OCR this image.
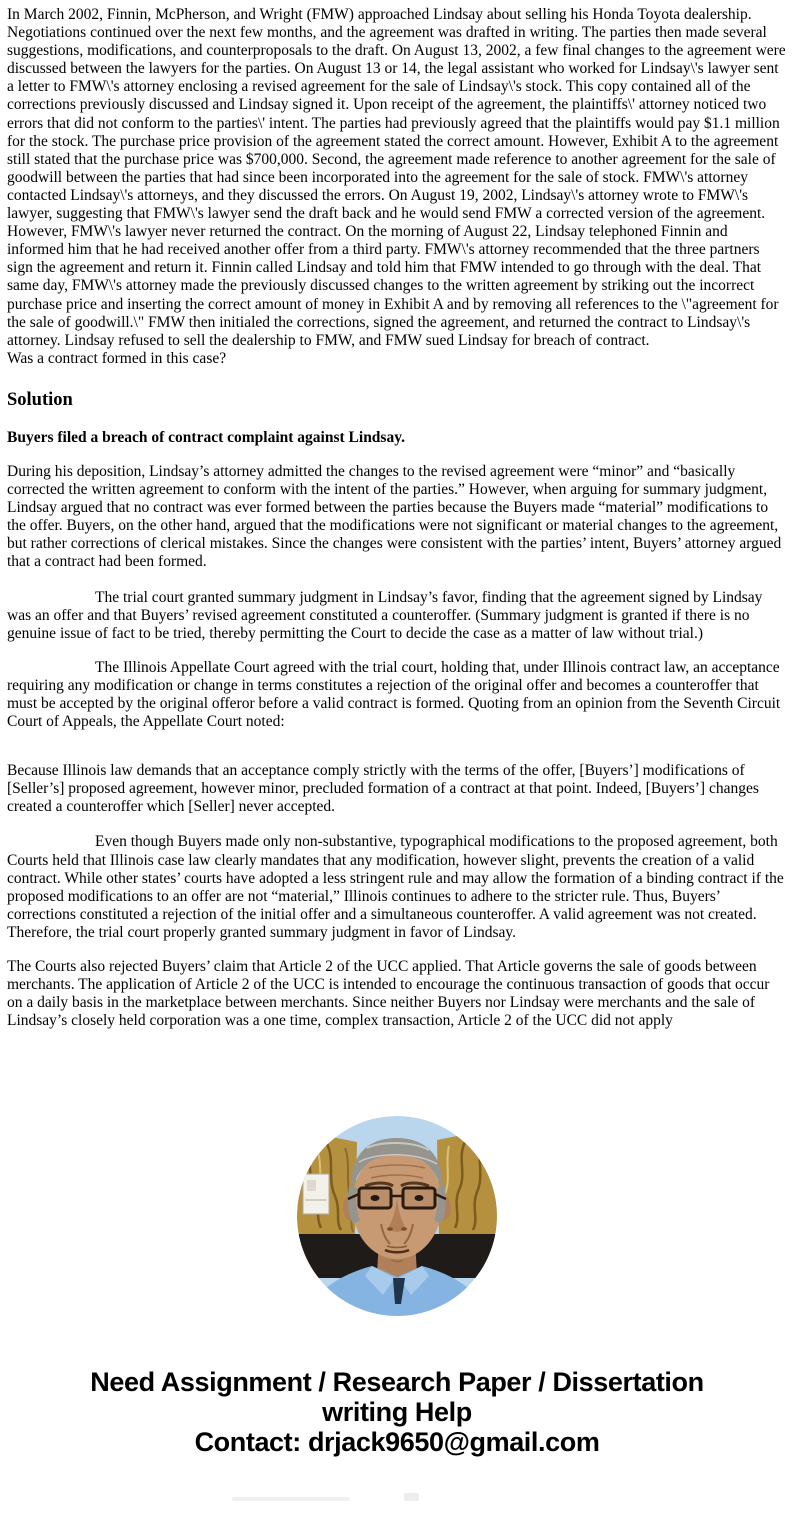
In March 2002, Finnin, McPherson, and Wright (FMW) approached Lindsay about selling his Honda Toyota dealership. Negotiations continued over the next few months, and the agreement was drafted in writing. The parties then made several suggestions, modifications, and counterproposals to the draft. On August 13, 2002, a few final changes to the agreement were discussed between the lawyers for the parties. On August 13 or 14, the legal assistant who worked for Lindsay\'s lawyer sent a letter to FMW\'s attorney enclosing a revised agreement for the sale of Lindsay\'s stock. This copy contained all of the corrections previously discussed and Lindsay signed it. Upon receipt of the agreement, the plaintiffs\' attorney noticed two errors that did not conform to the parties\' intent. The parties had previously agreed that the plaintiffs would pay $1.1 million for the stock. The purchase price provision of the agreement stated the correct amount. However, Exhibit A to the agreement still stated that the purchase price was $700,000. Second, the agreement made reference to another agreement for the sale of goodwill between the parties that had since been incorporated into the agreement for the sale of stock. FMW\'s attorney contacted Lindsay\'s attorneys, and they discussed the errors. On August 19, 2002, Lindsay\'s attorney wrote to FMW\'s lawyer, suggesting that FMW\'s lawyer send the draft back and he would send FMW a corrected version of the agreement. However, FMW\'s lawyer never returned the contract. On the morning of August 22, Lindsay telephoned Finnin and informed him that he had received another offer from a third party. FMW\'s attorney recommended that the three partners sign the agreement and return it. Finnin called Lindsay and told him that FMW intended to go through with the deal. That same day, FMW\'s attorney made the previously discussed changes to the written agreement by striking out the incorrect purchase price and inserting the correct amount of money in Exhibit A and by removing all references to the \"agreement for the sale of goodwill.\" FMW then initialed the corrections, signed the agreement, and returned the contract to Lindsay\'s attorney. Lindsay refused to sell the dealership to FMW, and FMW sued Lindsay for breach of contract.

Was a contract formed in this case?

Solution

Buyers filed a breach of contract complaint against Lindsay.

During his deposition, Lindsay’s attorney admitted the changes to the revised agreement were “minor” and “basically corrected the written agreement to conform with the intent of the parties.” However, when arguing for summary judgment, Lindsay argued that no contract was ever formed between the parties because the Buyers made “material” modifications to the offer. Buyers, on the other hand, argued that the modifications were not significant or material changes to the agreement, but rather corrections of clerical mistakes. Since the changes were consistent with the parties’ intent, Buyers’ attorney argued that a contract had been formed.

The trial court granted summary judgment in Lindsay’s favor, finding that the agreement signed by Lindsay was an offer and that Buyers’ revised agreement constituted a counteroffer. (Summary judgment is granted if there is no genuine issue of fact to be tried, thereby permitting the Court to decide the case as a matter of law without trial.)

The Illinois Appellate Court agreed with the trial court, holding that, under Illinois contract law, an acceptance requiring any modification or change in terms constitutes a rejection of the original offer and becomes a counteroffer that must be accepted by the original offeror before a valid contract is formed. Quoting from an opinion from the Seventh Circuit Court of Appeals, the Appellate Court noted:

Because Illinois law demands that an acceptance comply strictly with the terms of the offer, [Buyers’] modifications of [Seller’s] proposed agreement, however minor, precluded formation of a contract at that point. Indeed, [Buyers’] changes created a counteroffer which [Seller] never accepted.

Even though Buyers made only non-substantive, typographical modifications to the proposed agreement, both Courts held that Illinois case law clearly mandates that any modification, however slight, prevents the creation of a valid contract. While other states’ courts have adopted a less stringent rule and may allow the formation of a binding contract if the proposed modifications to an offer are not “material,” Illinois continues to adhere to the stricter rule. Thus, Buyers’ corrections constituted a rejection of the initial offer and a simultaneous counteroffer. A valid agreement was not created. Therefore, the trial court properly granted summary judgment in favor of Lindsay.

The Courts also rejected Buyers’ claim that Article 2 of the UCC applied. That Article governs the sale of goods between merchants. The application of Article 2 of the UCC is intended to encourage the continuous transaction of goods that occur on a daily basis in the marketplace between merchants. Since neither Buyers nor Lindsay were merchants and the sale of Lindsay’s closely held corporation was a one time, complex transaction, Article 2 of the UCC did not apply

Need Assignment / Research Paper / Dissertation
writing Help
Contact: drjack9650@gmail.com
